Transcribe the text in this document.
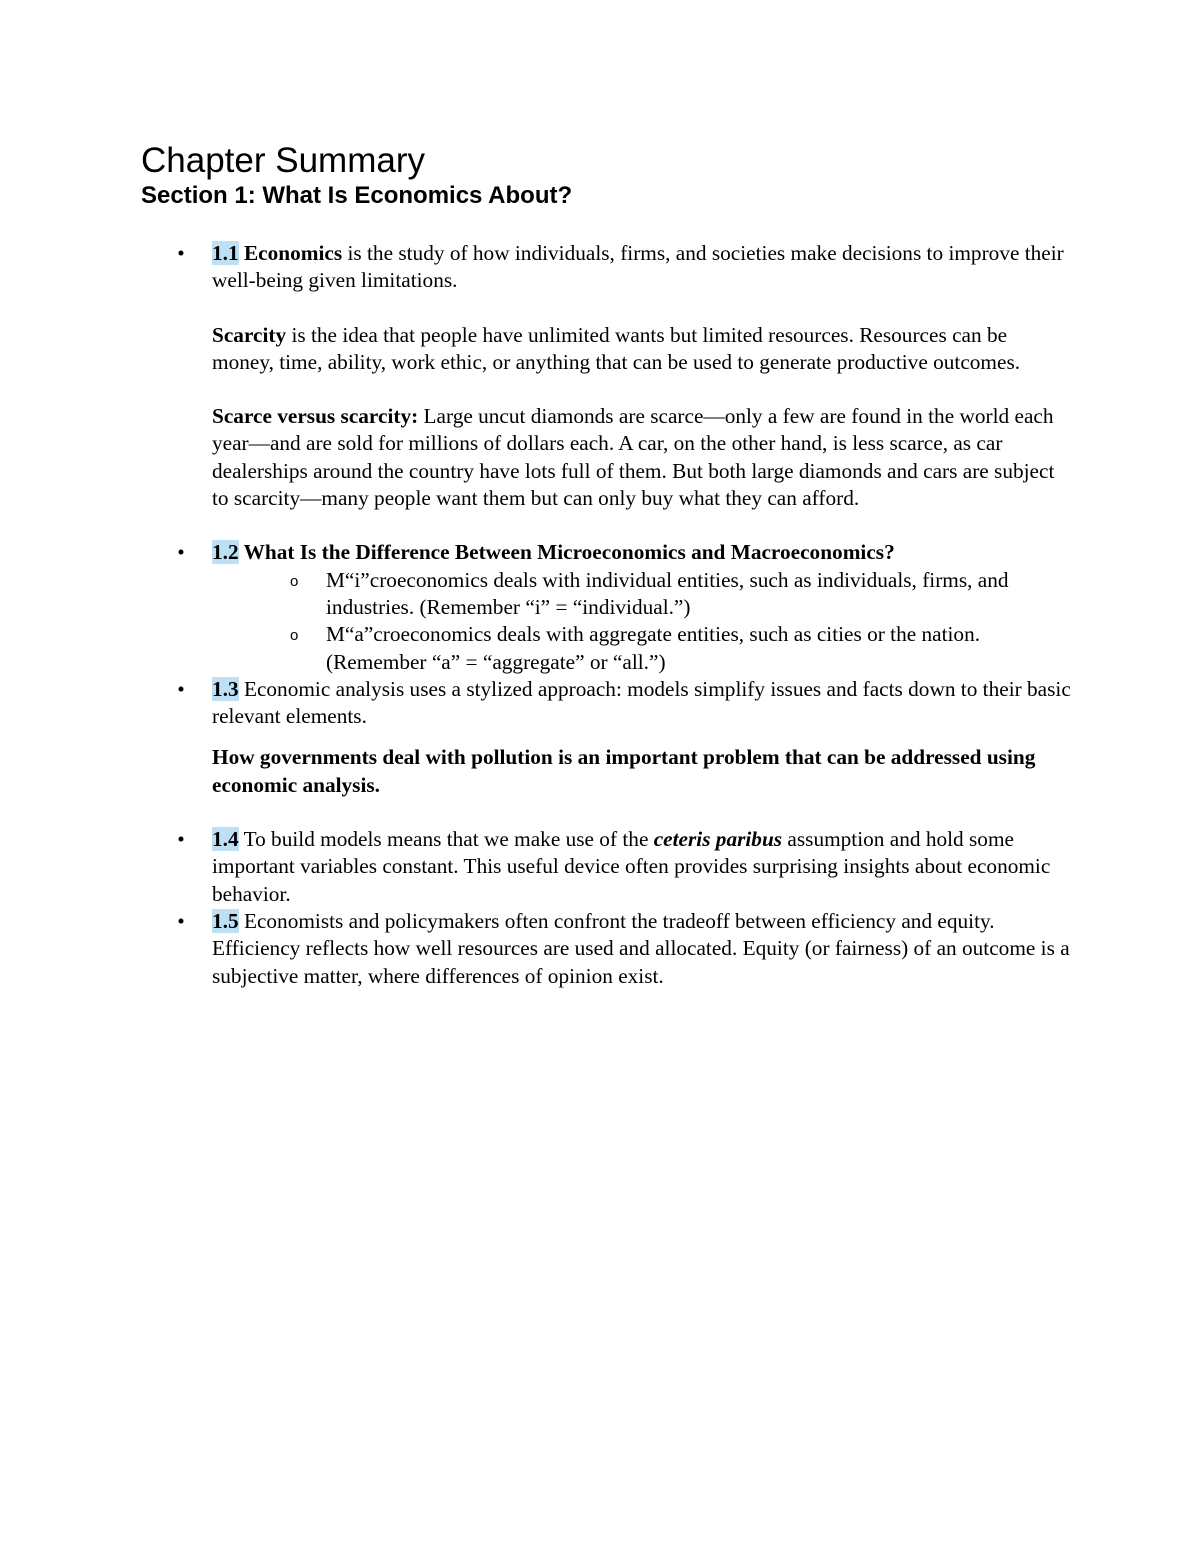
Chapter Summary
Section 1: What Is Economics About?
• 1.1 Economics is the study of how individuals, firms, and societies make decisions to improve their well-being given limitations.

Scarcity is the idea that people have unlimited wants but limited resources. Resources can be money, time, ability, work ethic, or anything that can be used to generate productive outcomes.

Scarce versus scarcity: Large uncut diamonds are scarce—only a few are found in the world each year—and are sold for millions of dollars each. A car, on the other hand, is less scarce, as car dealerships around the country have lots full of them. But both large diamonds and cars are subject to scarcity—many people want them but can only buy what they can afford.

• 1.2 What Is the Difference Between Microeconomics and Macroeconomics?

o M“i”croeconomics deals with individual entities, such as individuals, firms, and industries. (Remember “i” = “individual.”)

o M“a”croeconomics deals with aggregate entities, such as cities or the nation. (Remember “a” = “aggregate” or “all.”)

• 1.3 Economic analysis uses a stylized approach: models simplify issues and facts down to their basic relevant elements.

How governments deal with pollution is an important problem that can be addressed using economic analysis.

• 1.4 To build models means that we make use of the ceteris paribus assumption and hold some important variables constant. This useful device often provides surprising insights about economic behavior.

• 1.5 Economists and policymakers often confront the tradeoff between efficiency and equity. Efficiency reflects how well resources are used and allocated. Equity (or fairness) of an outcome is a subjective matter, where differences of opinion exist.
